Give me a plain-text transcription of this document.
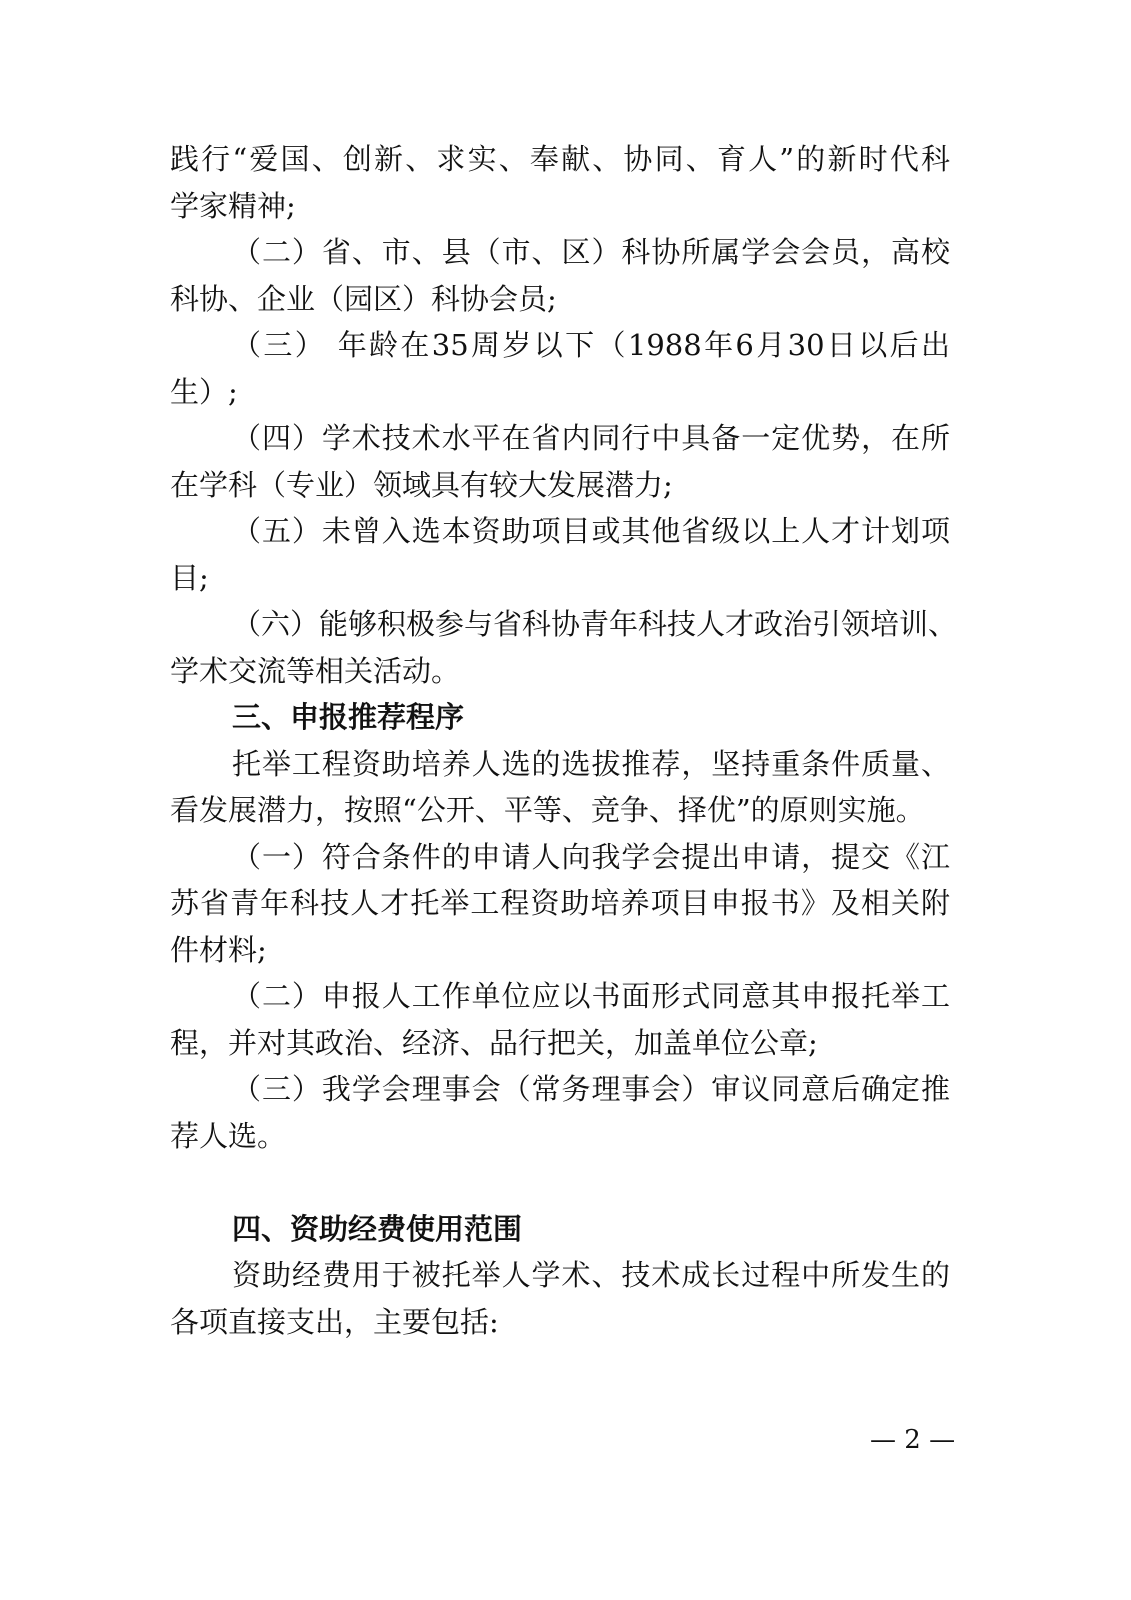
践行“爱国、创新、求实、奉献、协同、育人”的新时代科
学家精神;
（二）省、市、县（市、区）科协所属学会会员，高校
科协、企业（园区）科协会员;
（三） 年龄在35周岁以下（1988年6月30日以后出
生）;
（四）学术技术水平在省内同行中具备一定优势，在所
在学科（专业）领域具有较大发展潜力;
（五）未曾入选本资助项目或其他省级以上人才计划项
目;
（六）能够积极参与省科协青年科技人才政治引领培训、
学术交流等相关活动。
三、申报推荐程序
托举工程资助培养人选的选拔推荐，坚持重条件质量、
看发展潜力，按照“公开、平等、竞争、择优”的原则实施。
（一）符合条件的申请人向我学会提出申请，提交《江
苏省青年科技人才托举工程资助培养项目申报书》及相关附
件材料;
（二）申报人工作单位应以书面形式同意其申报托举工
程，并对其政治、经济、品行把关，加盖单位公章;
（三）我学会理事会（常务理事会）审议同意后确定推
荐人选。
四、资助经费使用范围
资助经费用于被托举人学术、技术成长过程中所发生的
各项直接支出，主要包括:
— 2 —
